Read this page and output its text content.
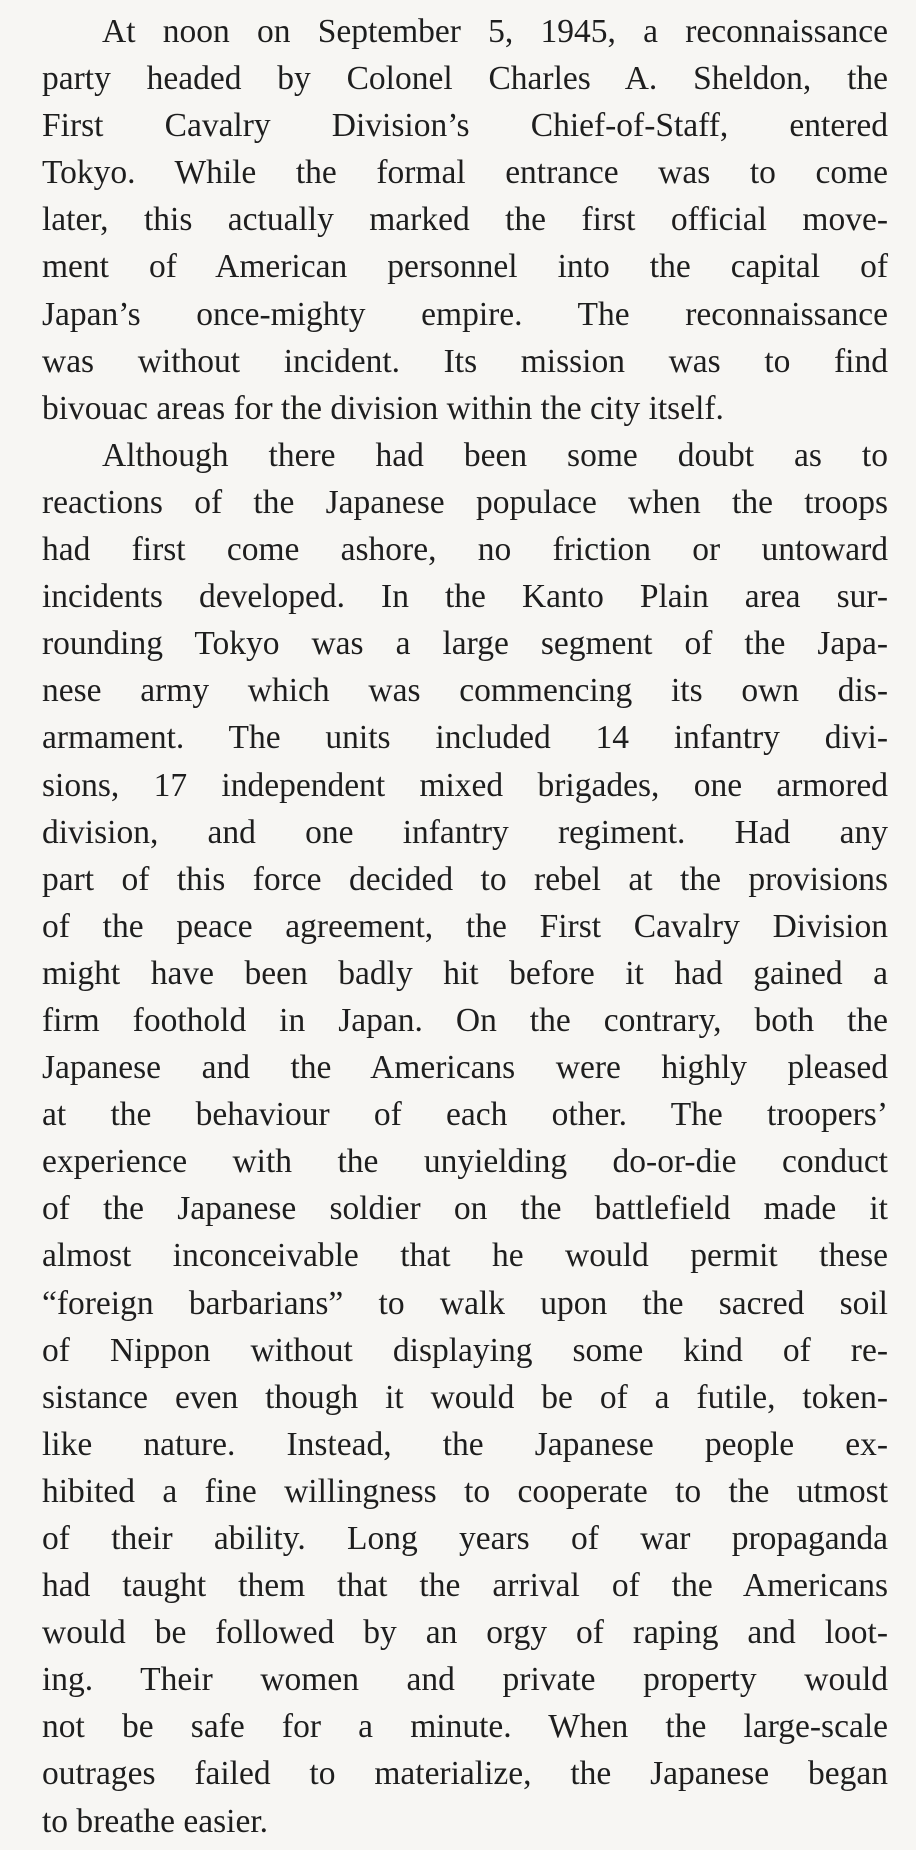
At noon on September 5, 1945, a reconnaissance
party headed by Colonel Charles A. Sheldon, the
First Cavalry Division’s Chief-of-Staff, entered
Tokyo. While the formal entrance was to come
later, this actually marked the first official move-
ment of American personnel into the capital of
Japan’s once-mighty empire. The reconnaissance
was without incident. Its mission was to find
bivouac areas for the division within the city itself.
Although there had been some doubt as to
reactions of the Japanese populace when the troops
had first come ashore, no friction or untoward
incidents developed. In the Kanto Plain area sur-
rounding Tokyo was a large segment of the Japa-
nese army which was commencing its own dis-
armament. The units included 14 infantry divi-
sions, 17 independent mixed brigades, one armored
division, and one infantry regiment. Had any
part of this force decided to rebel at the provisions
of the peace agreement, the First Cavalry Division
might have been badly hit before it had gained a
firm foothold in Japan. On the contrary, both the
Japanese and the Americans were highly pleased
at the behaviour of each other. The troopers’
experience with the unyielding do-or-die conduct
of the Japanese soldier on the battlefield made it
almost inconceivable that he would permit these
“foreign barbarians” to walk upon the sacred soil
of Nippon without displaying some kind of re-
sistance even though it would be of a futile, token-
like nature. Instead, the Japanese people ex-
hibited a fine willingness to cooperate to the utmost
of their ability. Long years of war propaganda
had taught them that the arrival of the Americans
would be followed by an orgy of raping and loot-
ing. Their women and private property would
not be safe for a minute. When the large-scale
outrages failed to materialize, the Japanese began
to breathe easier.
